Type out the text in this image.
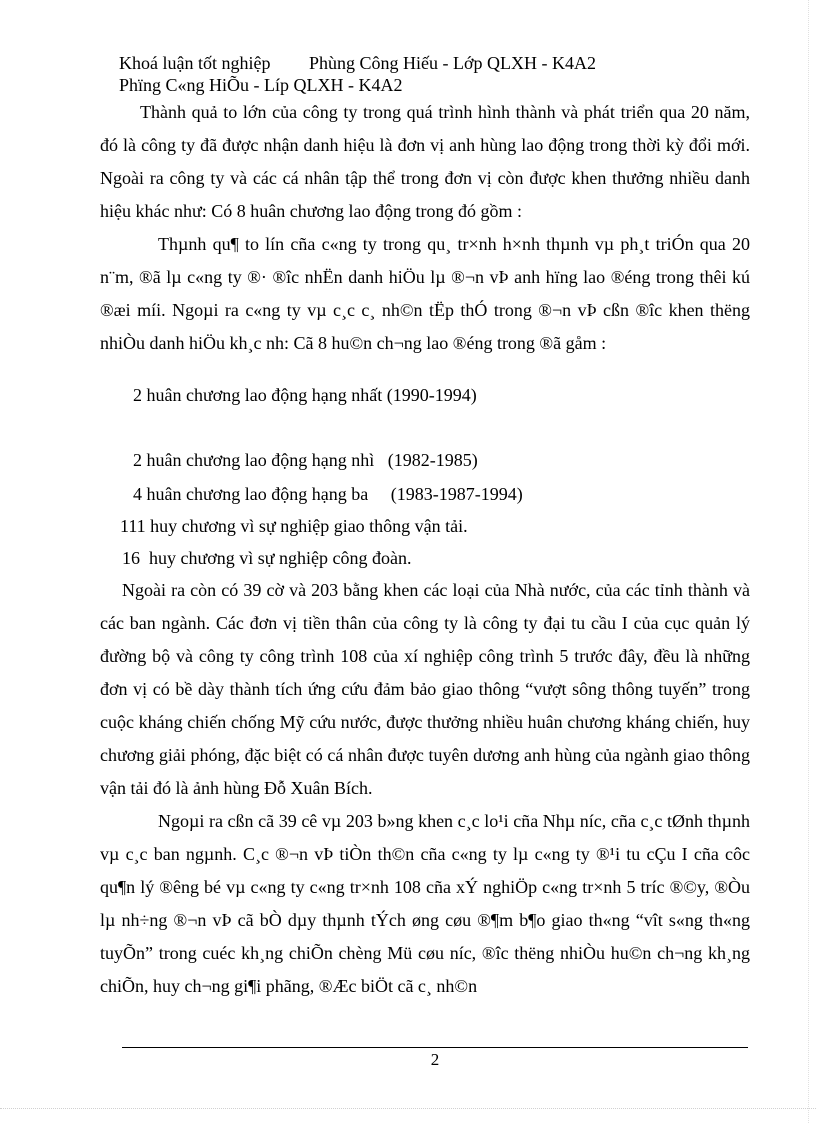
Khoá luận tốt nghiệp Phùng Công Hiếu - Lớp QLXH - K4A2
Phïng C«ng HiÕu - Líp QLXH - K4A2

Thành quả to lớn của công ty trong quá trình hình thành và phát triển qua 20 năm, đó là công ty đã được nhận danh hiệu là đơn vị anh hùng lao động trong thời kỳ đổi mới. Ngoài ra công ty và các cá nhân tập thể trong đơn vị còn được khen thưởng nhiều danh hiệu khác như: Có 8 huân chương lao động trong đó gồm :

Thµnh qu¶ to lín cña c«ng ty trong qu¸ tr×nh h×nh thµnh vµ ph¸t triÓn qua 20 n¨m, ®ã lµ c«ng ty ®· ®îc nhËn danh hiÖu lµ ®¬n vÞ anh hïng lao ®éng trong thêi kú ®æi míi. Ngoµi ra c«ng ty vµ c¸c c¸ nh©n tËp thÓ trong ®¬n vÞ cßn ®îc khen thëng nhiÒu danh hiÖu kh¸c nh: Cã 8 hu©n ch¬ng lao ®éng trong ®ã gåm :

2 huân chương lao động hạng nhất (1990-1994)
2 huân chương lao động hạng nhì   (1982-1985)
4 huân chương lao động hạng ba     (1983-1987-1994)
111 huy chương vì sự nghiệp giao thông vận tải.
16  huy chương vì sự nghiệp công đoàn.

Ngoài ra còn có 39 cờ và 203 bằng khen các loại của Nhà nước, của các tỉnh thành và các ban ngành. Các đơn vị tiền thân của công ty là công ty đại tu cầu I của cục quản lý đường bộ và công ty công trình 108 của xí nghiệp công trình 5 trước đây, đều là những đơn vị có bề dày thành tích ứng cứu đảm bảo giao thông “vượt sông thông tuyến” trong cuộc kháng chiến chống Mỹ cứu nước, được thưởng nhiều huân chương kháng chiến, huy chương giải phóng, đặc biệt có cá nhân được tuyên dương anh hùng của ngành giao thông vận tải đó là ảnh hùng Đỗ Xuân Bích.

Ngoµi ra cßn cã 39 cê vµ 203 b»ng khen c¸c lo¹i cña Nhµ níc, cña c¸c tØnh thµnh vµ c¸c ban ngµnh. C¸c ®¬n vÞ tiÒn th©n cña c«ng ty lµ c«ng ty ®¹i tu cÇu I cña côc qu¶n lý ®êng bé vµ c«ng ty c«ng tr×nh 108 cña xÝ nghiÖp c«ng tr×nh 5 tríc ®©y, ®Òu lµ nh÷ng ®¬n vÞ cã bÒ dµy thµnh tÝch øng cøu ®¶m b¶o giao th«ng “vît s«ng th«ng tuyÕn” trong cuéc kh¸ng chiÕn chèng Mü cøu níc, ®îc thëng nhiÒu hu©n ch¬ng kh¸ng chiÕn, huy ch¬ng gi¶i phãng, ®Æc biÖt cã c¸ nh©n

2
